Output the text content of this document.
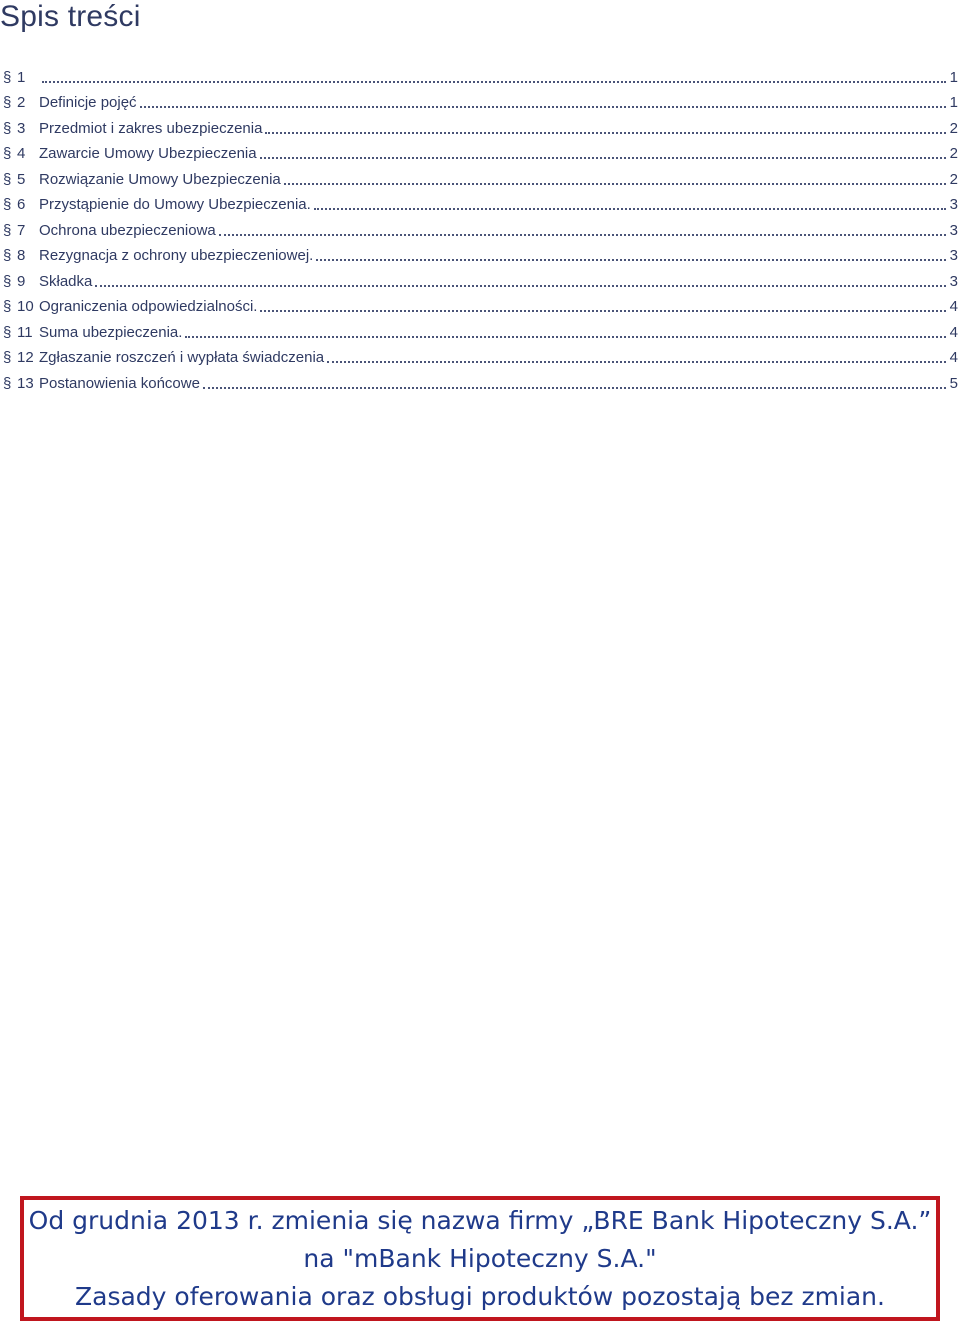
Spis treści
§ 1	1
§ 2 Definicje pojęć	1
§ 3 Przedmiot i zakres ubezpieczenia	2
§ 4 Zawarcie Umowy Ubezpieczenia	2
§ 5 Rozwiązanie Umowy Ubezpieczenia	2
§ 6 Przystąpienie do Umowy Ubezpieczenia.	3
§ 7 Ochrona ubezpieczeniowa	3
§ 8 Rezygnacja z ochrony ubezpieczeniowej.	3
§ 9 Składka	3
§ 10 Ograniczenia odpowiedzialności.	4
§ 11 Suma ubezpieczenia.	4
§ 12 Zgłaszanie roszczeń i wypłata świadczenia	4
§ 13 Postanowienia końcowe	5
Od grudnia 2013 r. zmienia się nazwa firmy „BRE Bank Hipoteczny S.A.”
na "mBank Hipoteczny S.A."
Zasady oferowania oraz obsługi produktów pozostają bez zmian.
